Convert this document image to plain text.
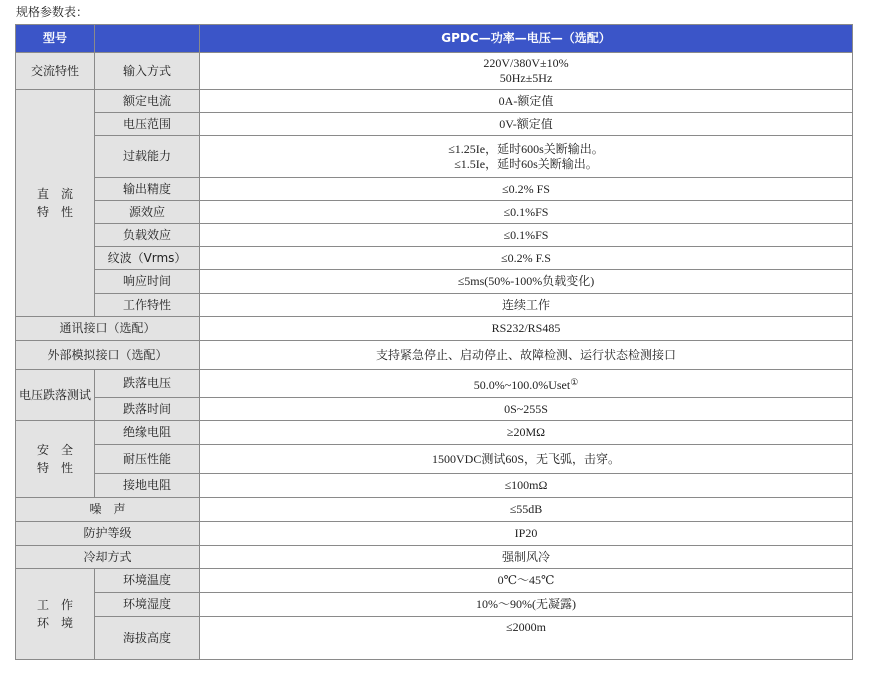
规格参数表：
型号		GPDC—功率—电压—（选配）
交流特性	输入方式	220V/380V±10%
50Hz±5Hz

直　流
特　性	额定电流	0A-额定值
	电压范围	0V-额定值
	过载能力	≤1.25Ie，延时600s关断输出。
≤1.5Ie，延时60s关断输出。

	输出精度	≤0.2% FS
	源效应	≤0.1%FS
	负载效应	≤0.1%FS
	纹波（Vrms）	≤0.2% F.S
	响应时间	≤5ms(50%-100%负载变化)
	工作特性	连续工作
通讯接口（选配）		RS232/RS485
外部模拟接口（选配）		支持紧急停止、启动停止、故障检测、运行状态检测接口
电压跌落测试	跌落电压	50.0%~100.0%Uset①
	跌落时间	0S~255S
安　全
特　性	绝缘电阻	≥20MΩ
	耐压性能	1500VDC测试60S，无飞弧，击穿。
	接地电阻	≤100mΩ
噪　声		≤55dB
防护等级		IP20
冷却方式		强制风冷
工　作
环　境	环境温度	0℃～45℃
	环境湿度	10%～90%(无凝露)
	海拔高度	≤2000m
